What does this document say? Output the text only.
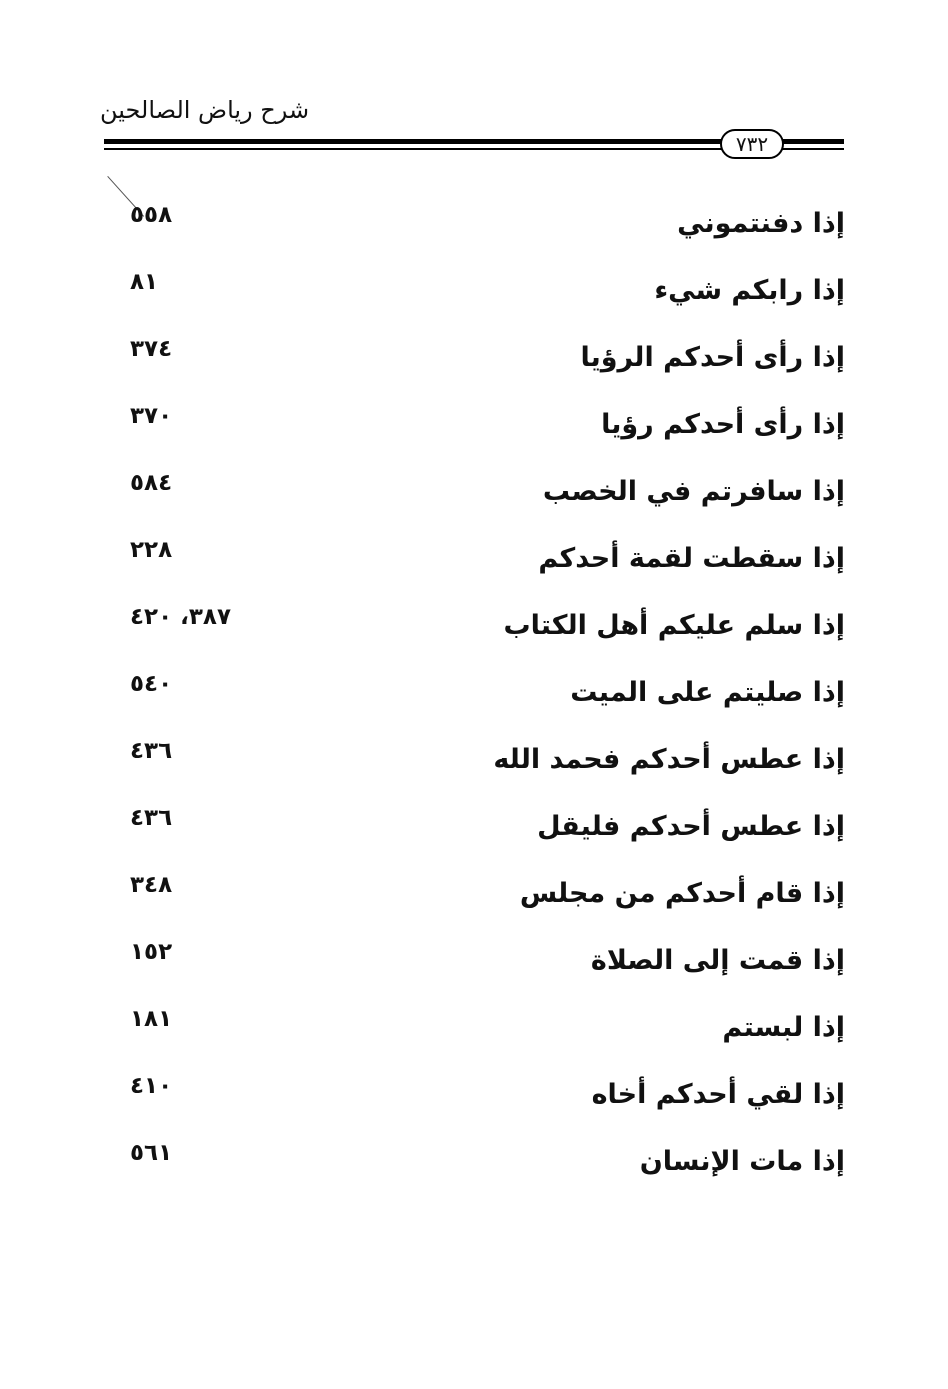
شرح رياض الصالحين
٧٣٢
إذا دفنتموني
٥٥٨
إذا رابكم شيء
٨١
إذا رأى أحدكم الرؤيا
٣٧٤
إذا رأى أحدكم رؤيا
٣٧٠
إذا سافرتم في الخصب
٥٨٤
إذا سقطت لقمة أحدكم
٢٢٨
إذا سلم عليكم أهل الكتاب
٣٨٧، ٤٢٠
إذا صليتم على الميت
٥٤٠
إذا عطس أحدكم فحمد الله
٤٣٦
إذا عطس أحدكم فليقل
٤٣٦
إذا قام أحدكم من مجلس
٣٤٨
إذا قمت إلى الصلاة
١٥٢
إذا لبستم
١٨١
إذا لقي أحدكم أخاه
٤١٠
إذا مات الإنسان
٥٦١
